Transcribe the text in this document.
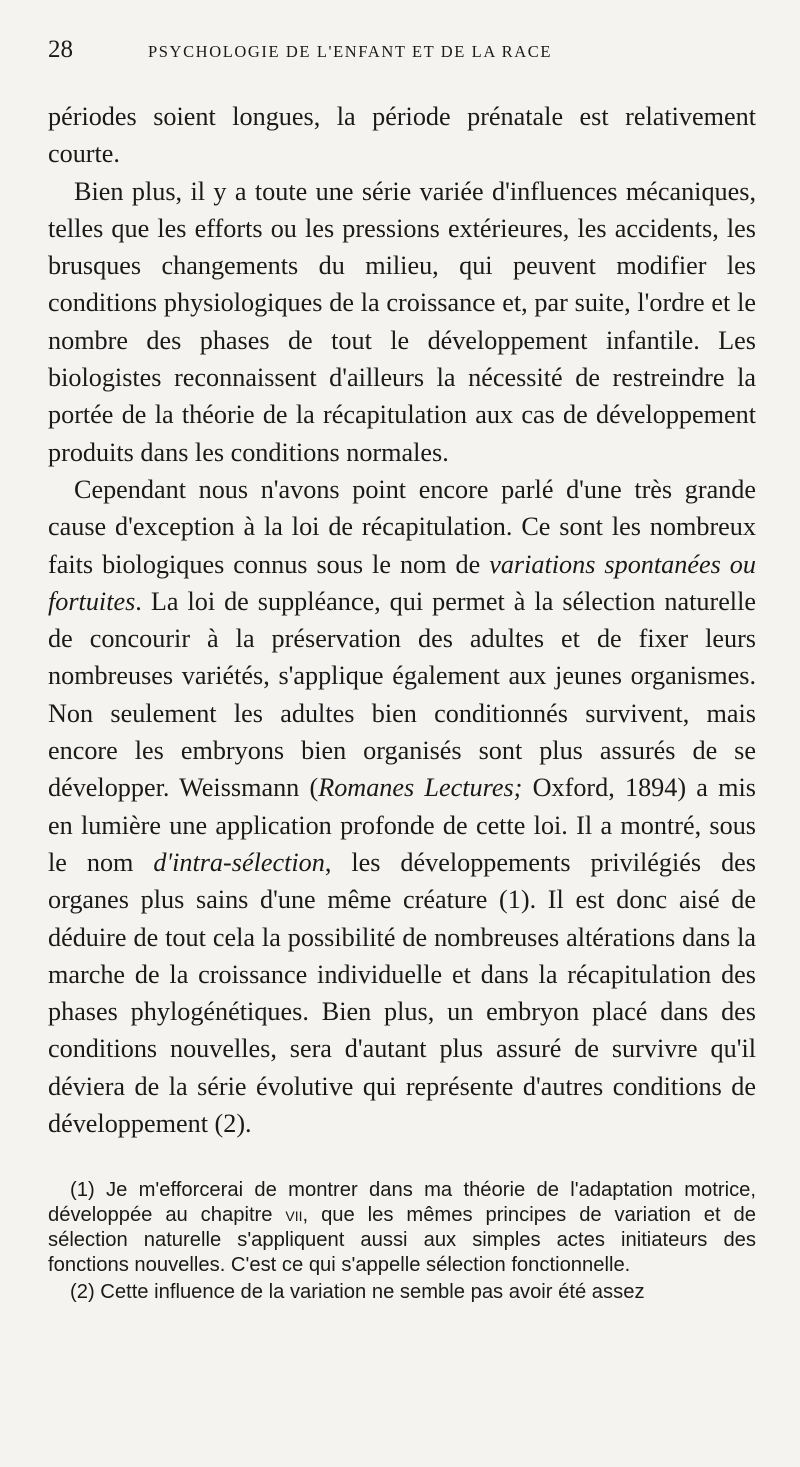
28	PSYCHOLOGIE DE L'ENFANT ET DE LA RACE

périodes soient longues, la période prénatale est relativement courte.

Bien plus, il y a toute une série variée d'influences mécaniques, telles que les efforts ou les pressions extérieures, les accidents, les brusques changements du milieu, qui peuvent modifier les conditions physiologiques de la croissance et, par suite, l'ordre et le nombre des phases de tout le développement infantile. Les biologistes reconnaissent d'ailleurs la nécessité de restreindre la portée de la théorie de la récapitulation aux cas de développement produits dans les conditions normales.

Cependant nous n'avons point encore parlé d'une très grande cause d'exception à la loi de récapitulation. Ce sont les nombreux faits biologiques connus sous le nom de variations spontanées ou fortuites. La loi de suppléance, qui permet à la sélection naturelle de concourir à la préservation des adultes et de fixer leurs nombreuses variétés, s'applique également aux jeunes organismes. Non seulement les adultes bien conditionnés survivent, mais encore les embryons bien organisés sont plus assurés de se développer. Weissmann (Romanes Lectures; Oxford, 1894) a mis en lumière une application profonde de cette loi. Il a montré, sous le nom d'intra-sélection, les développements privilégiés des organes plus sains d'une même créature (1). Il est donc aisé de déduire de tout cela la possibilité de nombreuses altérations dans la marche de la croissance individuelle et dans la récapitulation des phases phylogénétiques. Bien plus, un embryon placé dans des conditions nouvelles, sera d'autant plus assuré de survivre qu'il déviera de la série évolutive qui représente d'autres conditions de développement (2).

(1) Je m'efforcerai de montrer dans ma théorie de l'adaptation motrice, développée au chapitre vii, que les mêmes principes de variation et de sélection naturelle s'appliquent aussi aux simples actes initiateurs des fonctions nouvelles. C'est ce qui s'appelle sélection fonctionnelle.

(2) Cette influence de la variation ne semble pas avoir été assez
